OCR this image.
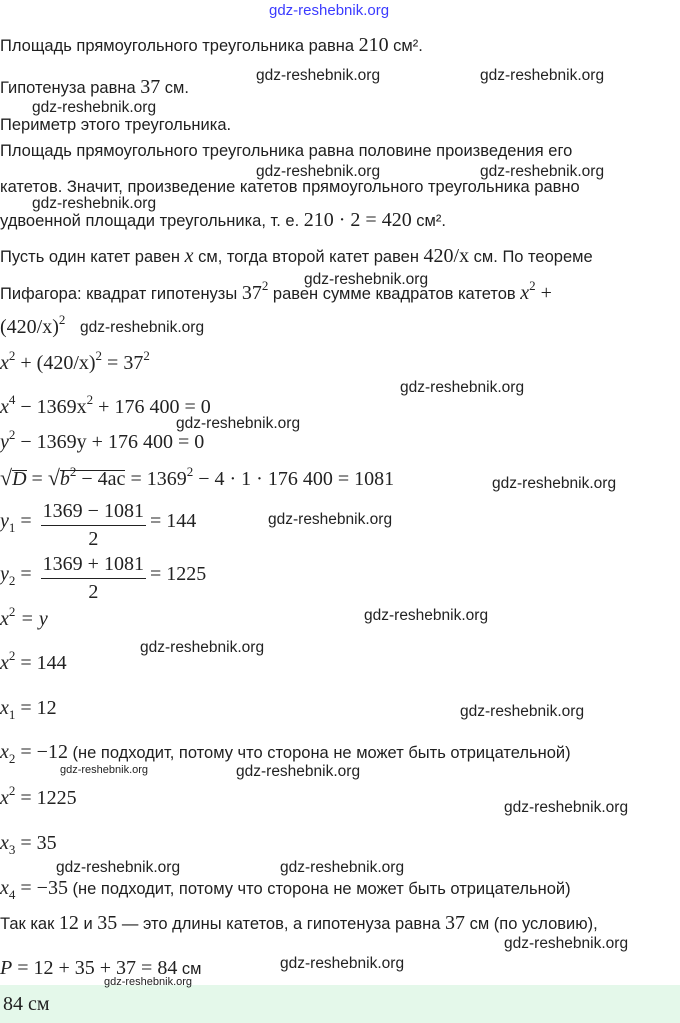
gdz-reshebnik.org
Площадь прямоугольного треугольника равна 210 см².
Гипотенуза равна 37 см.
Периметр этого треугольника.
Площадь прямоугольного треугольника равна половине произведения его
катетов. Значит, произведение катетов прямоугольного треугольника равно
удвоенной площади треугольника, т. е. 210 · 2 = 420 см².
Пусть один катет равен x см, тогда второй катет равен 420/x см. По теореме
Пифагора: квадрат гипотенузы $37^2$ равен сумме квадратов катетов $x^2$ +
$(420/x)^2$
$x^2 + (420/x)^2 = 37^2$
$x^4 - 1369x^2 + 176$ 400 = 0
$y^2 - 1369y + 176$ 400 = 0
$√D = √b^2 - 4ac = 1369^2 - 4 \cdot 1 \cdot 176$ 400 = 1081
$y_1 = \frac{1369 - 1081}{2} = 144$
$y_2 = \frac{1369 + 1081}{2} = 1225$
$x^2 = y$
$x^2 = 144$
$x_1 = 12$
$x_2 = -12$ (не подходит, потому что сторона не может быть отрицательной)
$x^2 = 1225$
$x_3 = 35$
$x_4 = -35$ (не подходит, потому что сторона не может быть отрицательной)
Так как 12 и 35 — это длины катетов, а гипотенуза равна 37 см (по условию),
P = 12 + 35 + 37 = 84 см
84 см
gdz-reshebnik.org	gdz-reshebnik.org
gdz-reshebnik.org
gdz-reshebnik.org	gdz-reshebnik.org
gdz-reshebnik.org
gdz-reshebnik.org
gdz-reshebnik.org
gdz-reshebnik.org
gdz-reshebnik.org
gdz-reshebnik.org
gdz-reshebnik.org
gdz-reshebnik.org
gdz-reshebnik.org
gdz-reshebnik.org
gdz-reshebnik.org	gdz-reshebnik.org
gdz-reshebnik.org
gdz-reshebnik.org	gdz-reshebnik.org
gdz-reshebnik.org
gdz-reshebnik.org
gdz-reshebnik.org
